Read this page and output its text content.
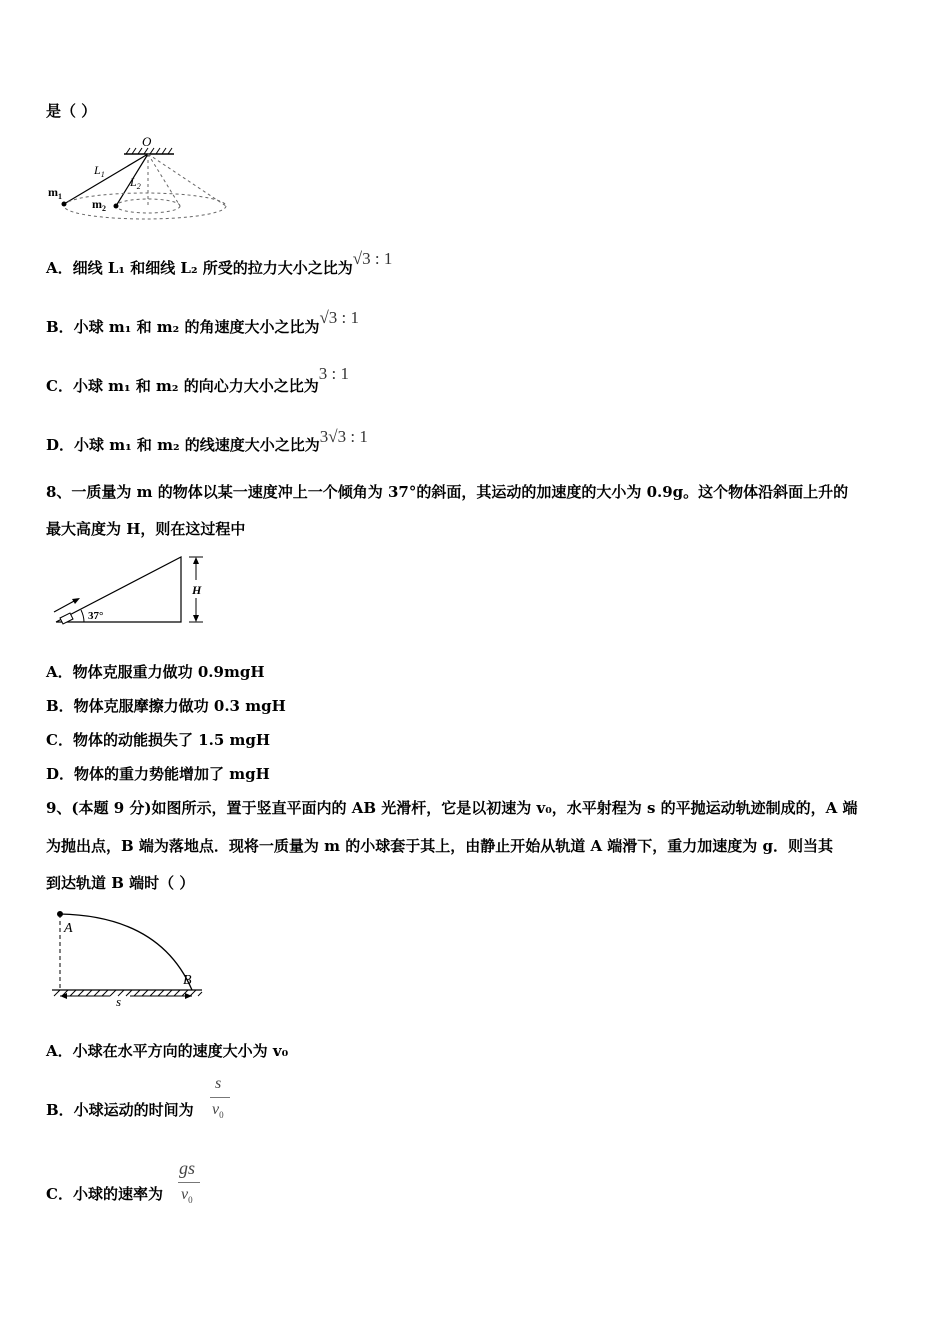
是（ ）
O
$L_1$
$L_2$
$m_1$
$m_2$
A．细线 L₁ 和细线 L₂ 所受的拉力大小之比为√3 : 1
B．小球 m₁ 和 m₂ 的角速度大小之比为√3 : 1
C．小球 m₁ 和 m₂ 的向心力大小之比为3 : 1
D．小球 m₁ 和 m₂ 的线速度大小之比为3√3 : 1
8、一质量为 m 的物体以某一速度冲上一个倾角为 37°的斜面，其运动的加速度的大小为 0.9g。这个物体沿斜面上升的
最大高度为 H，则在这过程中
H
37°
A．物体克服重力做功 0.9mgH
B．物体克服摩擦力做功 0.3 mgH
C．物体的动能损失了 1.5 mgH
D．物体的重力势能增加了 mgH
9、(本题 9 分)如图所示，置于竖直平面内的 AB 光滑杆，它是以初速为 v₀，水平射程为 s 的平抛运动轨迹制成的，A 端
为抛出点，B 端为落地点．现将一质量为 m 的小球套于其上，由静止开始从轨道 A 端滑下，重力加速度为 g．则当其
到达轨道 B 端时（ ）
A
B
s
A．小球在水平方向的速度大小为 v₀
B．小球运动的时间为
s
$v_0$
C．小球的速率为
gs
$v_0$
